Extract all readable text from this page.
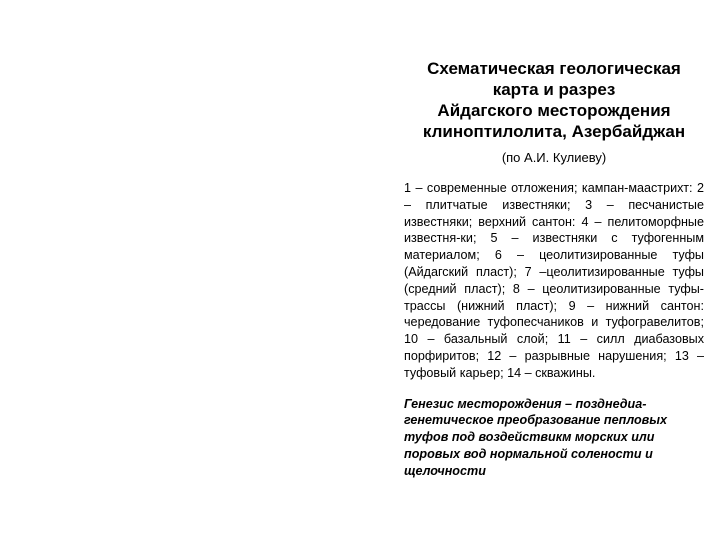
Схематическая геологическая
карта и разрез
Айдагского месторождения
клиноптилолита, Азербайджан

(по А.И. Кулиеву)

1 – современные отложения; кампан-маастрихт: 2 – плитчатые известняки; 3 – песчанистые известняки; верхний сантон: 4 – пелитоморфные известня-ки; 5 – известняки с туфогенным материалом; 6 – цеолитизированные туфы (Айдагский пласт); 7 –цеолитизированные туфы (средний пласт); 8 – цеолитизированные туфы-трассы (нижний пласт); 9 – нижний сантон: чередование туфопесчаников и туфогравелитов; 10 – базальный слой; 11 – силл диабазовых порфиритов; 12 – разрывные нарушения; 13 – туфовый карьер; 14 – скважины.

Генезис месторождения – позднедиа-генетическое преобразование пепловых туфов под воздействикм морских или поровых вод нормальной солености и щелочности
